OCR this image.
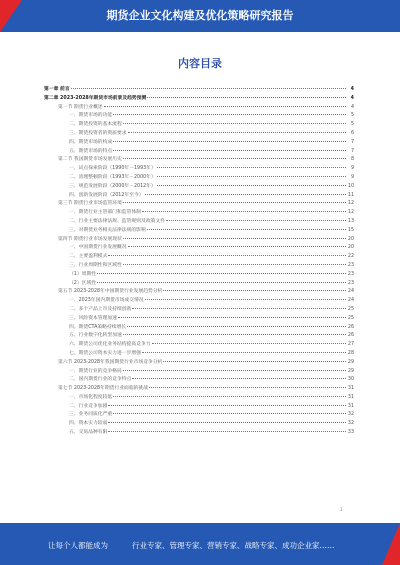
期货企业文化构建及优化策略研究报告
内容目录
第一章 前言	4
第二章 2023-2028年期货市场前景及趋势预测	4
第一节 期货行业概述	4
一、期货市场的功能	5
二、期货投资的基本流程	5
三、期货投资者的资质要求	6
四、期货市场的构成	7
五、期货市场的特点	7
第二节 我国期货市场发展历史	8
一、试点探索阶段（1990年－1993年）	9
二、清理整顿阶段（1993年－2000年）	9
三、规范发展阶段（2000年－2012年）	10
四、创新发展阶段（2012年至今）	11
第三节 期货行业市场监管环境	12
一、期货行业主管部门和监管体制	12
二、行业主要法律法规、监管规则及政策文件	13
三、对期货业务相关法律法规的影响	15
第四节 期货行业市场发展现状	20
一、中国期货行业发展概况	20
二、主要盈利模式	22
三、行业周期性和区域性	23
（1）周期性	23
（2）区域性	23
第五节 2023-2028年中国期货行业发展趋势分析	24
一、2023年国内期货市场成交情况	24
二、多个产品上市及持续创新	25
三、风险资本管理加速	25
四、期货CTA策略持续增长	26
五、行业数字化转型加速	26
六、期货公司优化业务结构提高竞争力	27
七、期货公司资本实力进一步增强	28
第六节 2023-2028年我国期货行业市场竞争分析	29
一、期货行业的竞争格局	29
二、国内期货行业的竞争特点	30
第七节 2023-2028年期货行业面临的挑战	31
一、市场化程度较低	31
二、行业竞争加剧	31
三、业务同质化严重	32
四、资本实力较弱	32
五、交易品种有限	33
1
让每个人都能成为	行业专家、管理专家、营销专家、战略专家、成功企业家……
